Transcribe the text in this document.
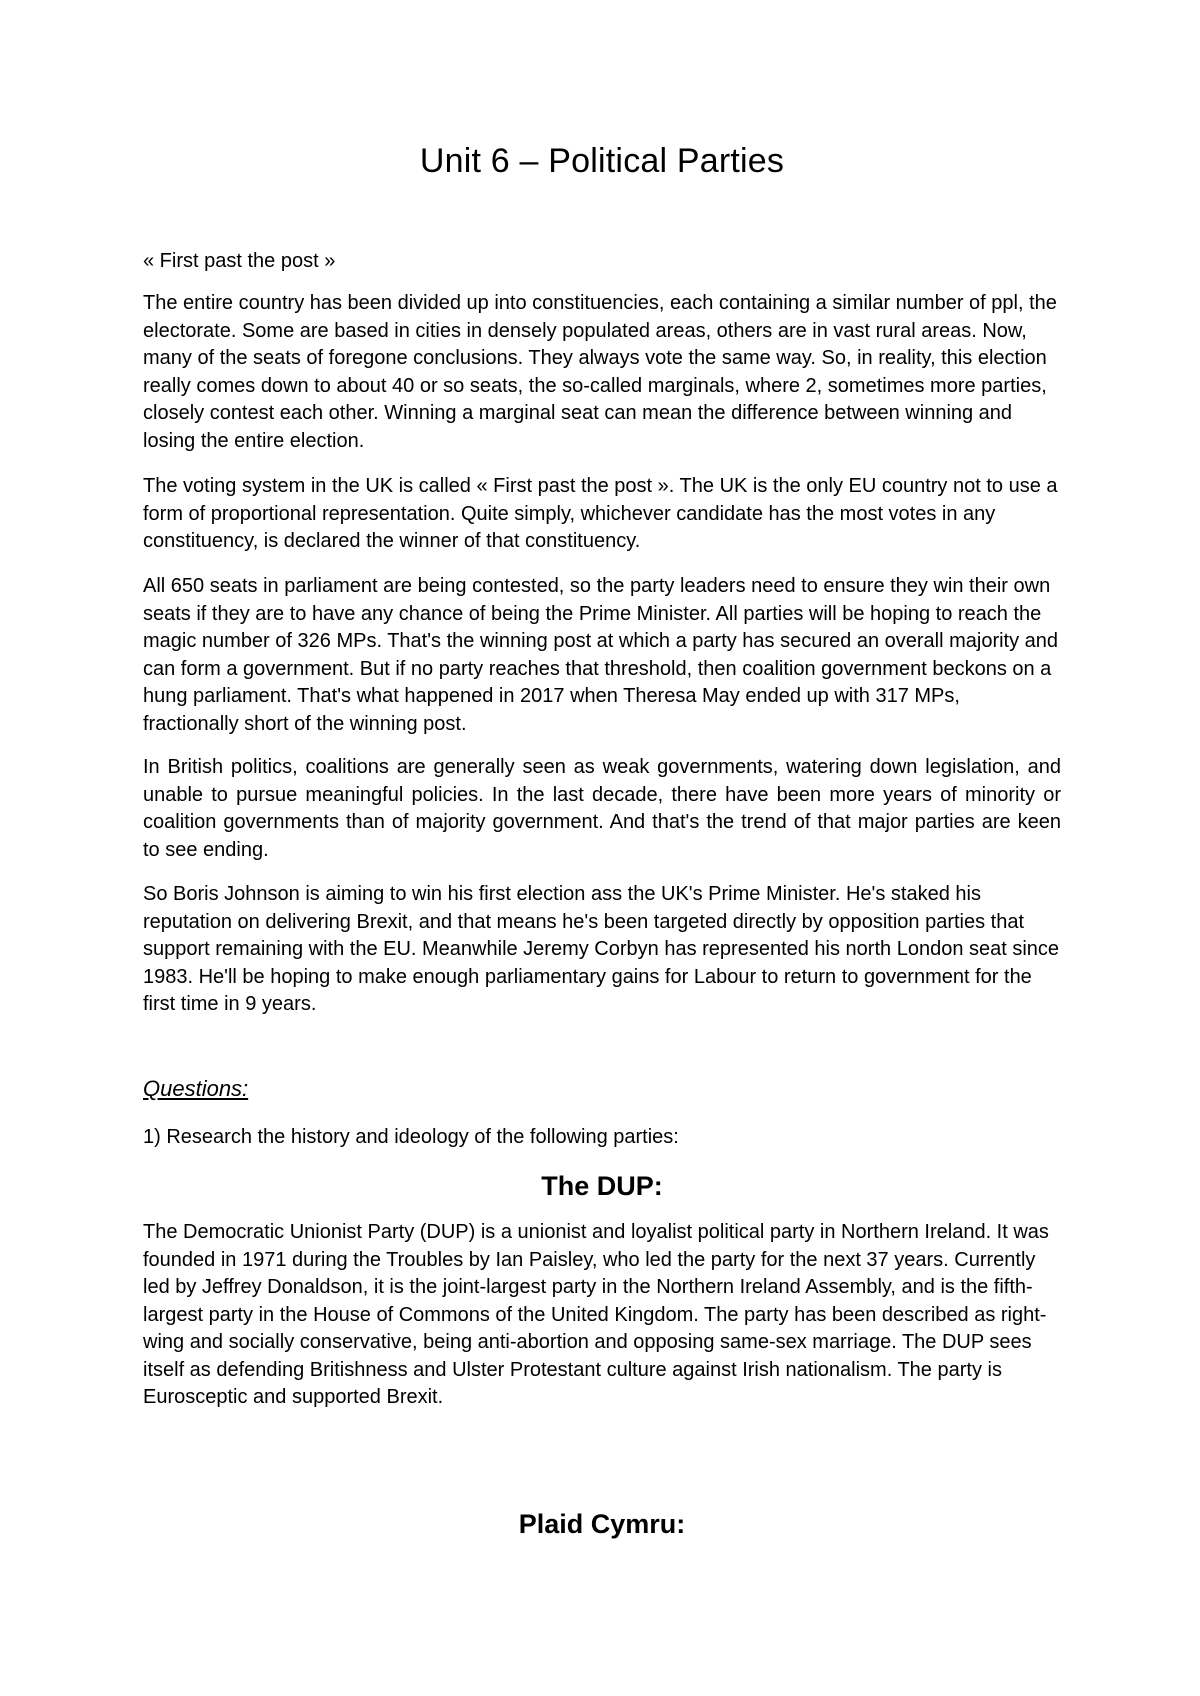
Unit 6 – Political Parties

« First past the post »

The entire country has been divided up into constituencies, each containing a similar number of ppl, the electorate. Some are based in cities in densely populated areas, others are in vast rural areas. Now, many of the seats of foregone conclusions. They always vote the same way. So, in reality, this election really comes down to about 40 or so seats, the so-called marginals, where 2, sometimes more parties, closely contest each other. Winning a marginal seat can mean the difference between winning and losing the entire election.

The voting system in the UK is called « First past the post ». The UK is the only EU country not to use a form of proportional representation. Quite simply, whichever candidate has the most votes in any constituency, is declared the winner of that constituency.

All 650 seats in parliament are being contested, so the party leaders need to ensure they win their own seats if they are to have any chance of being the Prime Minister. All parties will be hoping to reach the magic number of 326 MPs. That's the winning post at which a party has secured an overall majority and can form a government. But if no party reaches that threshold, then coalition government beckons on a hung parliament. That's what happened in 2017 when Theresa May ended up with 317 MPs, fractionally short of the winning post.

In British politics, coalitions are generally seen as weak governments, watering down legislation, and unable to pursue meaningful policies. In the last decade, there have been more years of minority or coalition governments than of majority government. And that's the trend of that major parties are keen to see ending.

So Boris Johnson is aiming to win his first election ass the UK's Prime Minister. He's staked his reputation on delivering Brexit, and that means he's been targeted directly by opposition parties that support remaining with the EU. Meanwhile Jeremy Corbyn has represented his north London seat since 1983. He'll be hoping to make enough parliamentary gains for Labour to return to government for the first time in 9 years.

Questions:

1) Research the history and ideology of the following parties:

The DUP:

The Democratic Unionist Party (DUP) is a unionist and loyalist political party in Northern Ireland. It was founded in 1971 during the Troubles by Ian Paisley, who led the party for the next 37 years. Currently led by Jeffrey Donaldson, it is the joint-largest party in the Northern Ireland Assembly, and is the fifth-largest party in the House of Commons of the United Kingdom. The party has been described as right-wing and socially conservative, being anti-abortion and opposing same-sex marriage. The DUP sees itself as defending Britishness and Ulster Protestant culture against Irish nationalism. The party is Eurosceptic and supported Brexit.

Plaid Cymru:
